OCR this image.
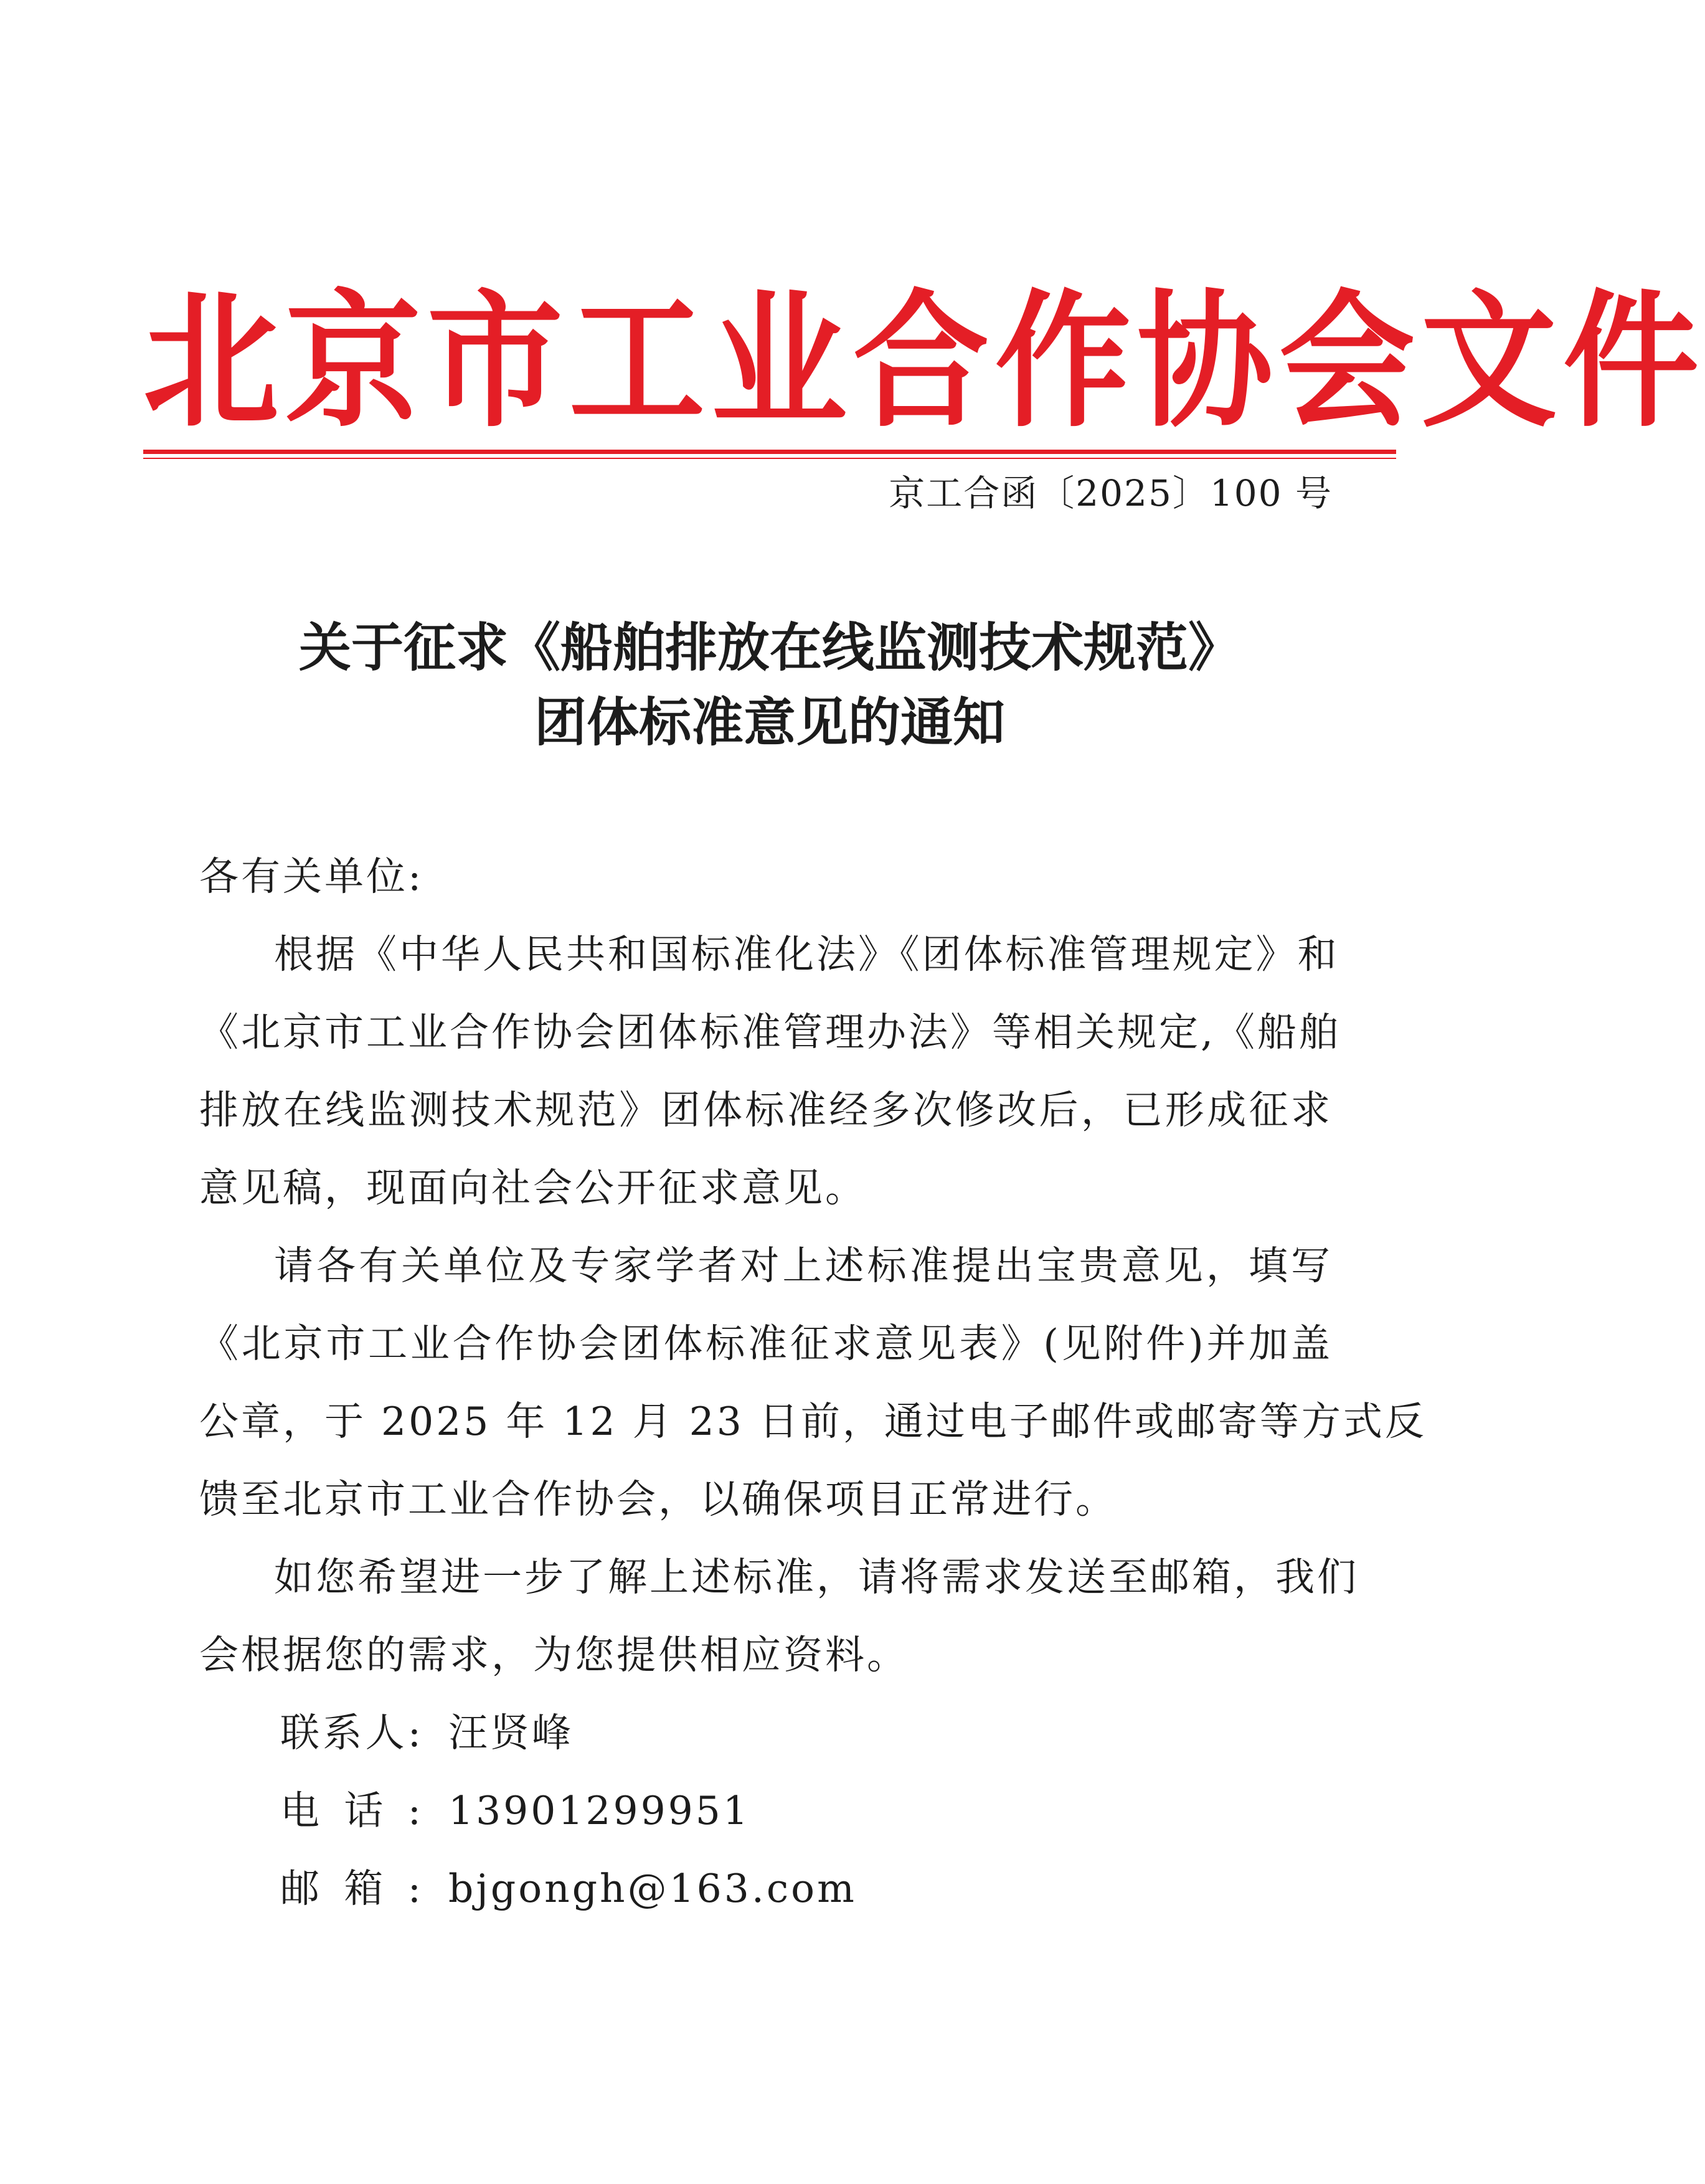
北京市工业合作协会文件
京工合函〔2025〕100 号
关于征求《船舶排放在线监测技术规范》
团体标准意见的通知
各有关单位:
根据《中华人民共和国标准化法》《团体标准管理规定》和
《北京市工业合作协会团体标准管理办法》等相关规定,《船舶
排放在线监测技术规范》团体标准经多次修改后，已形成征求
意见稿，现面向社会公开征求意见。
请各有关单位及专家学者对上述标准提出宝贵意见，填写
《北京市工业合作协会团体标准征求意见表》(见附件)并加盖
公章，于 2025 年 12 月 23 日前，通过电子邮件或邮寄等方式反
馈至北京市工业合作协会，以确保项目正常进行。
如您希望进一步了解上述标准，请将需求发送至邮箱，我们
会根据您的需求，为您提供相应资料。
联系人: 汪贤峰
电话: 13901299951
邮箱: bjgongh@163.com
